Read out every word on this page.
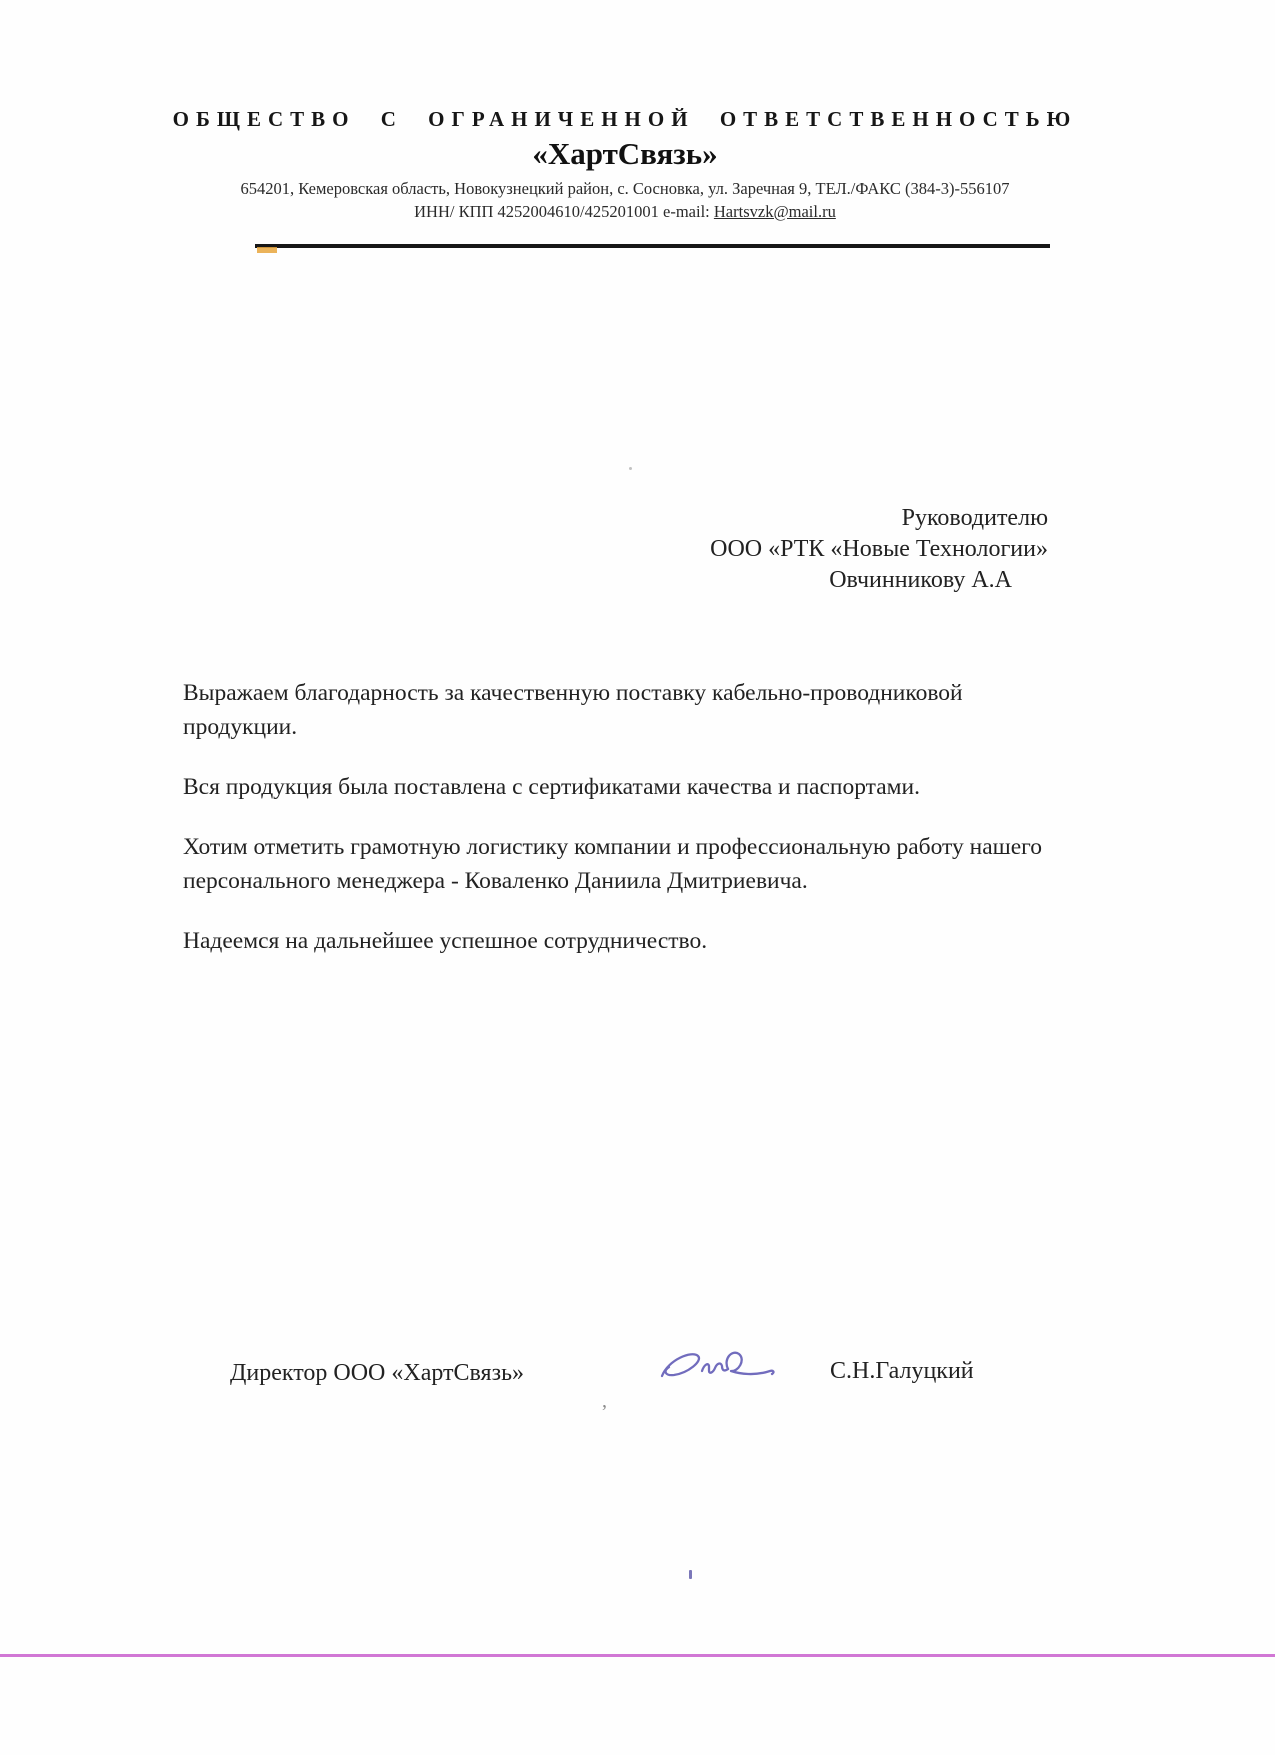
ОБЩЕСТВО С ОГРАНИЧЕННОЙ ОТВЕТСТВЕННОСТЬЮ
«ХартСвязь»
654201, Кемеровская область, Новокузнецкий район, с. Сосновка, ул. Заречная 9, ТЕЛ./ФАКС (384-3)-556107
ИНН/ КПП 4252004610/425201001 e-mail: Hartsvzk@mail.ru
Руководителю
ООО «РТК «Новые Технологии»
Овчинникову А.А

Выражаем благодарность за качественную поставку кабельно-проводниковой продукции.

Вся продукция была поставлена с сертификатами качества и паспортами.

Хотим отметить грамотную логистику компании и профессиональную работу нашего персонального менеджера - Коваленко Даниила Дмитриевича.

Надеемся на дальнейшее успешное сотрудничество.

Директор ООО «ХартСвязь»	С.Н.Галуцкий
,
